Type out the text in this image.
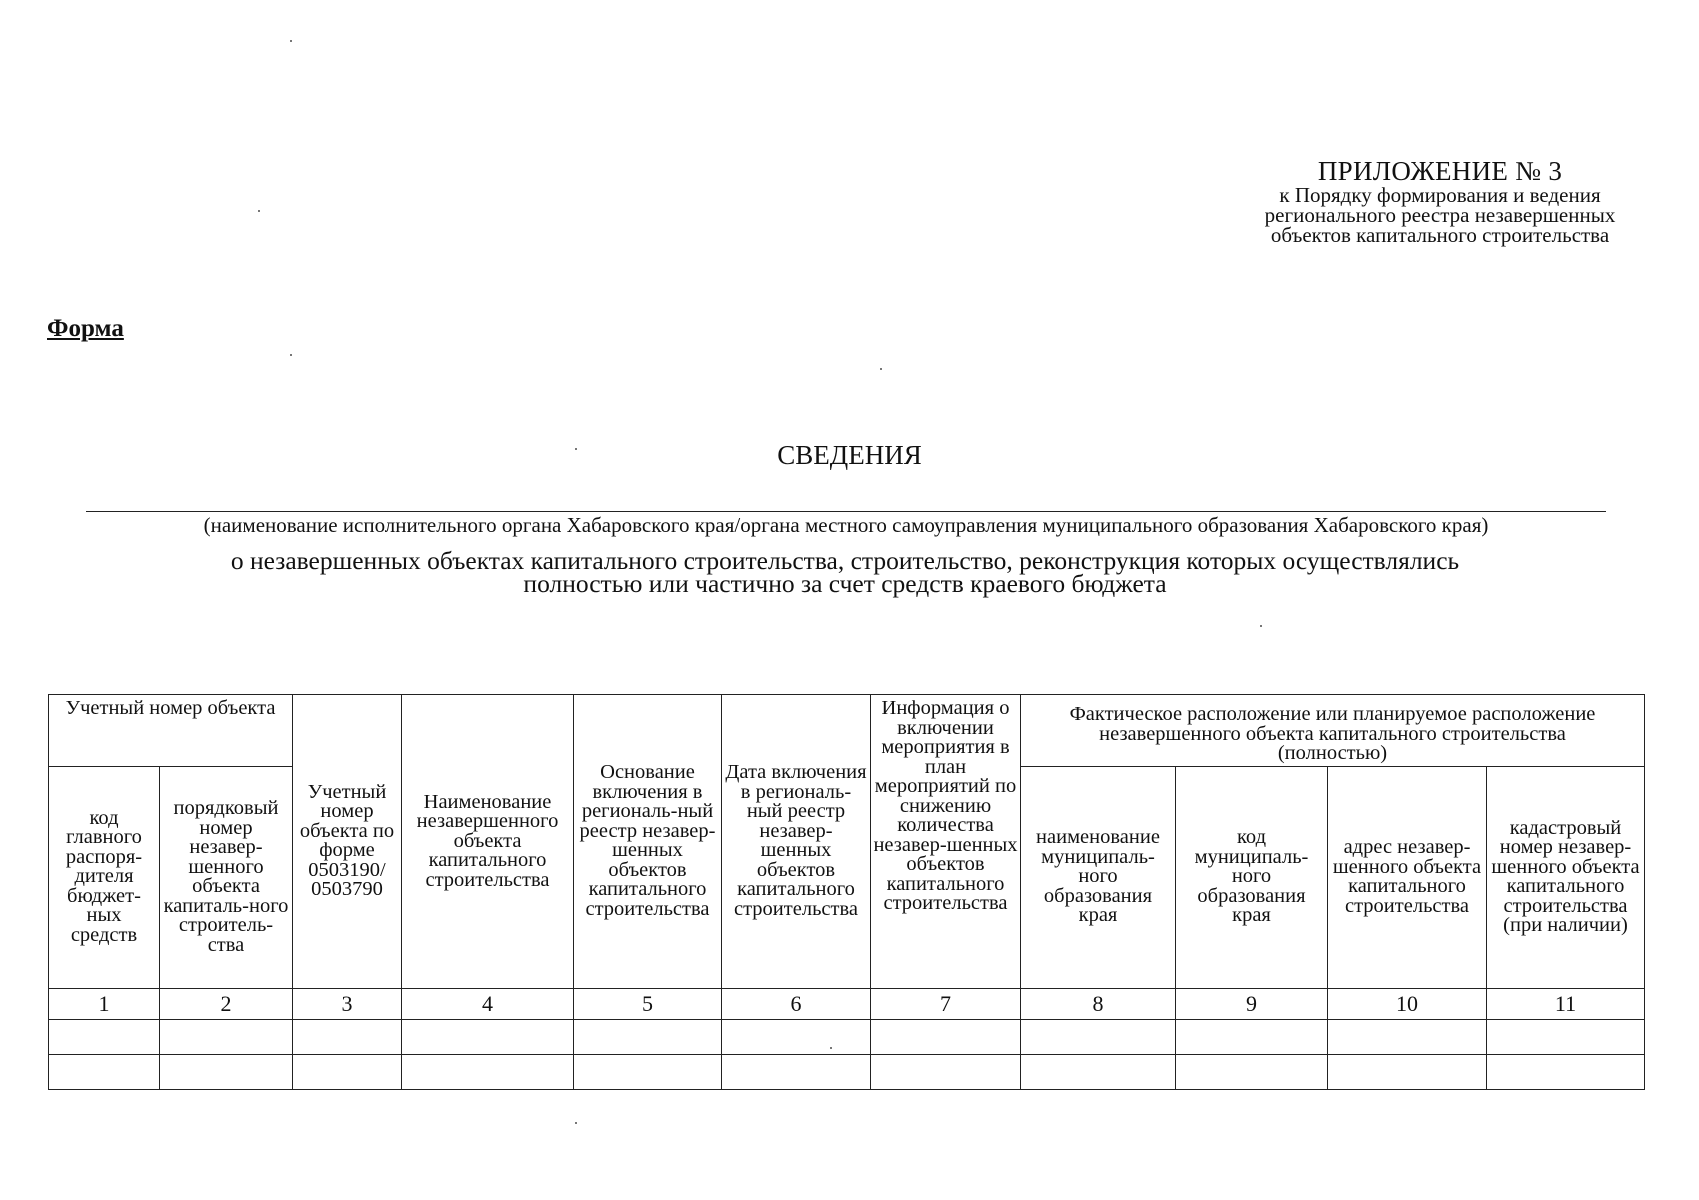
ПРИЛОЖЕНИЕ № 3
к Порядку формирования и ведения
регионального реестра незавершенных
объектов капитального строительства
Форма
СВЕДЕНИЯ
(наименование исполнительного органа Хабаровского края/органа местного самоуправления муниципального образования Хабаровского края)
о незавершенных объектах капитального строительства, строительство, реконструкция которых осуществлялись
полностью или частично за счет средств краевого бюджета
Учетный номер объекта		Учетный номер объекта по форме 0503190/ 0503790	Наименование незавершенного объекта капитального строительства	Основание включения в региональ-ный реестр незавер-шенных объектов капитального строительства	Дата включения в региональ-ный реестр незавер-шенных объектов капитального строительства	Информация о включении мероприятия в план мероприятий по снижению количества незавер-шенных объектов капитального строительства	Фактическое расположение или планируемое расположение незавершенного объекта капитального строительства (полностью)			
код главного распоря-дителя бюджет-ных средств	порядковый номер незавер-шенного объекта капиталь-ного строитель-ства						наименование муниципаль-ного образования края	код муниципаль-ного образования края	адрес незавер-шенного объекта капитального строительства	кадастровый номер незавер-шенного объекта капитального строительства (при наличии)
1	2	3	4	5	6	7	8	9	10	11
